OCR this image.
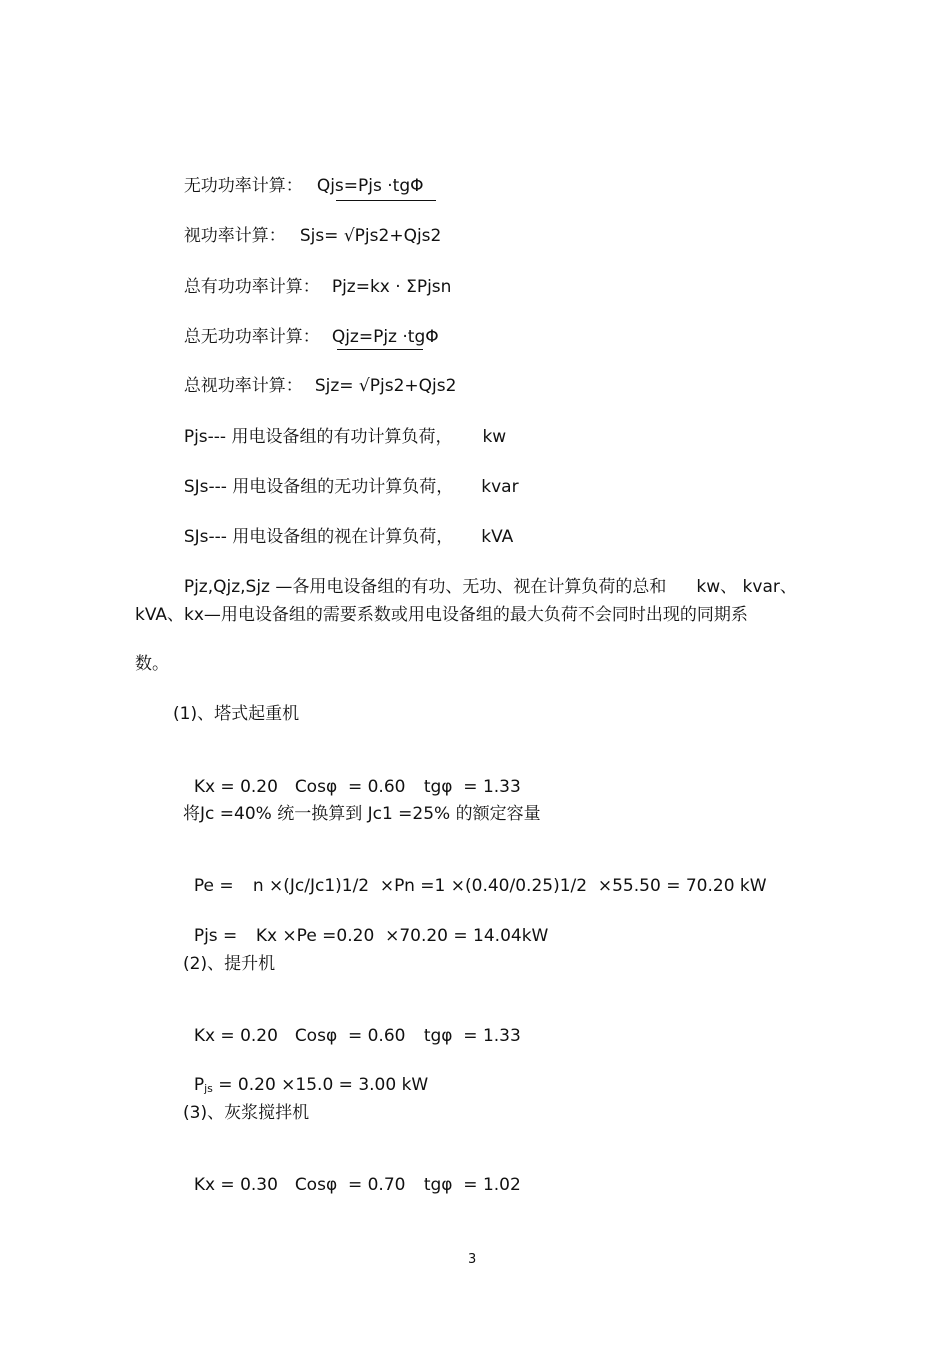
无功功率计算： Qjs=Pjs ·tgΦ

视功率计算： Sjs= √Pjs2+Qjs2

总有功功率计算： Pjz=kx · ΣPjsn

总无功功率计算： Qjz=Pjz ·tgΦ

总视功率计算： Sjz= √Pjs2+Qjs2

Pjs--- 用电设备组的有功计算负荷， kw

SJs--- 用电设备组的无功计算负荷， kvar

SJs--- 用电设备组的视在计算负荷， kVA

Pjz,Qjz,Sjz —各用电设备组的有功、无功、视在计算负荷的总和 kw、 kvar、

kVA、kx—用电设备组的需要系数或用电设备组的最大负荷不会同时出现的同期系
数。
(1)、塔式起重机

Kx = 0.20 Cosφ  = 0.60 tgφ  = 1.33

将Jc =40% 统一换算到 Jc1 =25% 的额定容量

Pe = n ×(Jc/Jc1)1/2  ×Pn =1 ×(0.40/0.25)1/2  ×55.50 = 70.20 kW

Pjs = Kx ×Pe =0.20  ×70.20 = 14.04kW

(2)、提升机

Kx = 0.20 Cosφ  = 0.60 tgφ  = 1.33

$P_{js} = 0.20 \times 15.0 = 3.00$ kW

(3)、灰浆搅拌机

Kx = 0.30 Cosφ  = 0.70 tgφ  = 1.02

3
